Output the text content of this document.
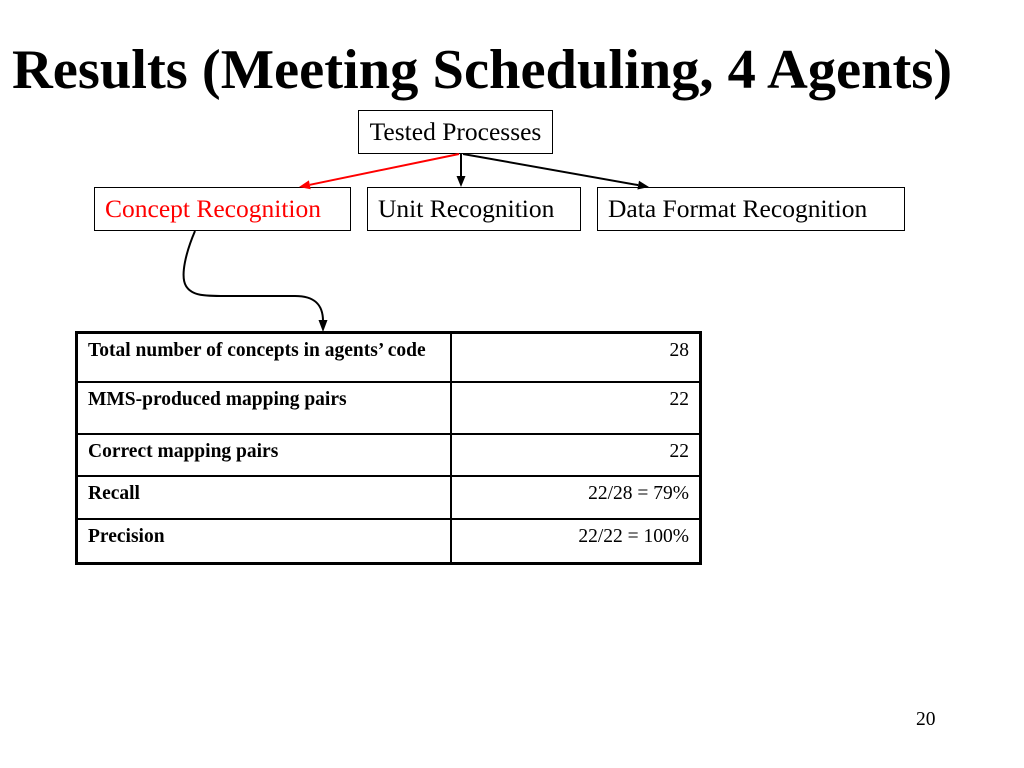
Results (Meeting Scheduling, 4 Agents)
Tested Processes
Concept Recognition Unit Recognition Data Format Recognition
Total number of concepts in agents’ code	28
MMS-produced mapping pairs	22
Correct mapping pairs	22
Recall	22/28 = 79%
Precision	22/22 = 100%
20
